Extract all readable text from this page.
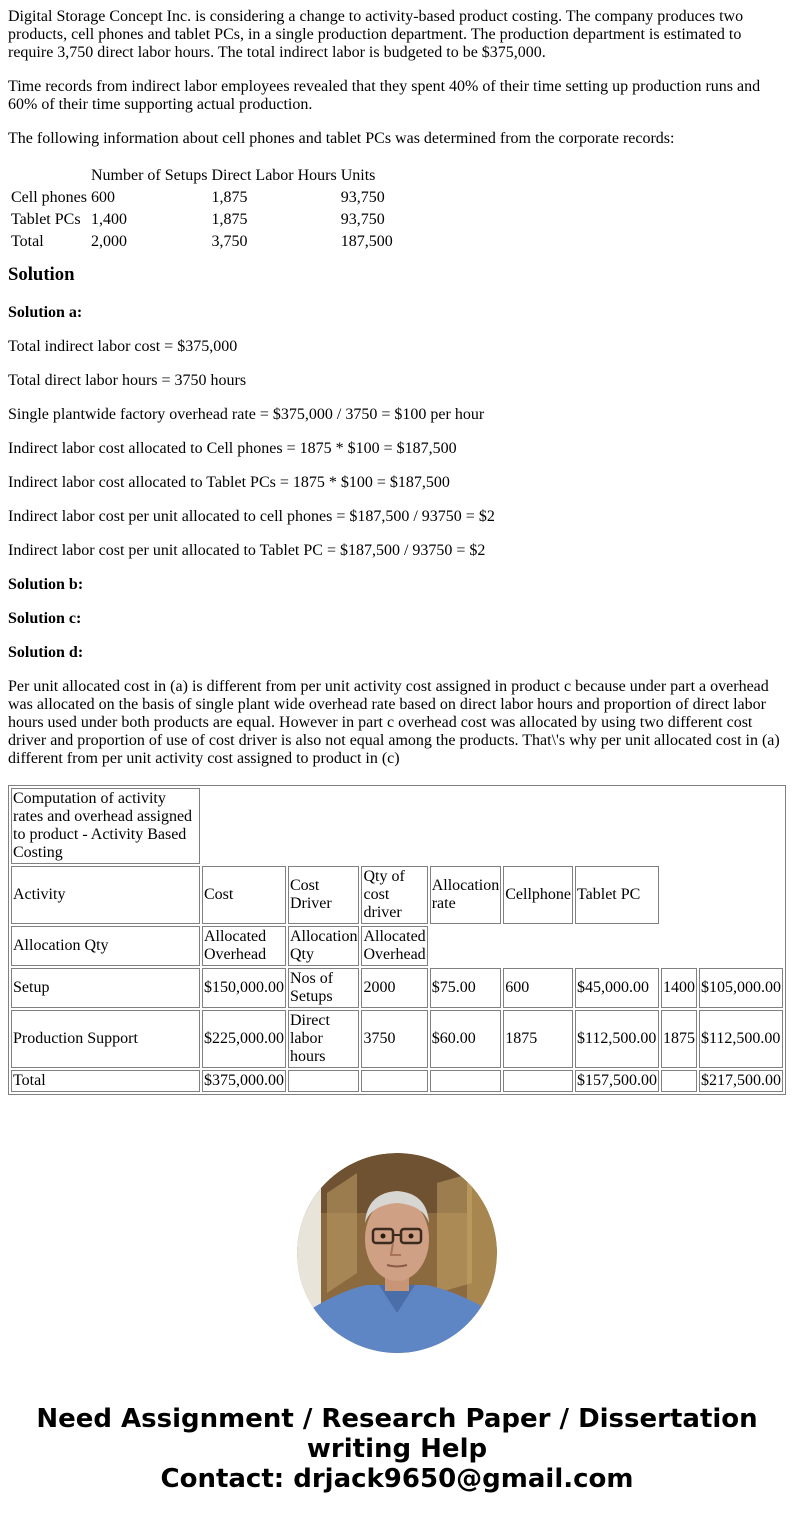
Digital Storage Concept Inc. is considering a change to activity-based product costing. The company produces two products, cell phones and tablet PCs, in a single production department. The production department is estimated to require 3,750 direct labor hours. The total indirect labor is budgeted to be $375,000.

Time records from indirect labor employees revealed that they spent 40% of their time setting up production runs and 60% of their time supporting actual production.

The following information about cell phones and tablet PCs was determined from the corporate records:

	Number of Setups	Direct Labor Hours	Units
Cell phones	600	1,875	93,750
Tablet PCs	1,400	1,875	93,750
Total	2,000	3,750	187,500
Solution

Solution a:

Total indirect labor cost = $375,000

Total direct labor hours = 3750 hours

Single plantwide factory overhead rate = $375,000 / 3750 = $100 per hour

Indirect labor cost allocated to Cell phones = 1875 * $100 = $187,500

Indirect labor cost allocated to Tablet PCs = 1875 * $100 = $187,500

Indirect labor cost per unit allocated to cell phones = $187,500 / 93750 = $2

Indirect labor cost per unit allocated to Tablet PC = $187,500 / 93750 = $2

Solution b:

Solution c:

Solution d:

Per unit allocated cost in (a) is different from per unit activity cost assigned in product c because under part a overhead was allocated on the basis of single plant wide overhead rate based on direct labor hours and proportion of direct labor hours used under both products are equal. However in part c overhead cost was allocated by using two different cost driver and proportion of use of cost driver is also not equal among the products. That\'s why per unit allocated cost in (a) different from per unit activity cost assigned to product in (c)

Computation of activity rates and overhead assigned to product - Activity Based Costing								
Activity	Cost	Cost Driver	Qty of cost driver	Allocation rate	Cellphone	Tablet PC		
Allocation Qty	Allocated Overhead	Allocation Qty	Allocated Overhead					
Setup	$150,000.00	Nos of Setups	2000	$75.00	600	$45,000.00	1400	$105,000.00
Production Support	$225,000.00	Direct labor hours	3750	$60.00	1875	$112,500.00	1875	$112,500.00
Total	$375,000.00					$157,500.00		$217,500.00
Need Assignment / Research Paper / Dissertation
writing Help
Contact: drjack9650@gmail.com
